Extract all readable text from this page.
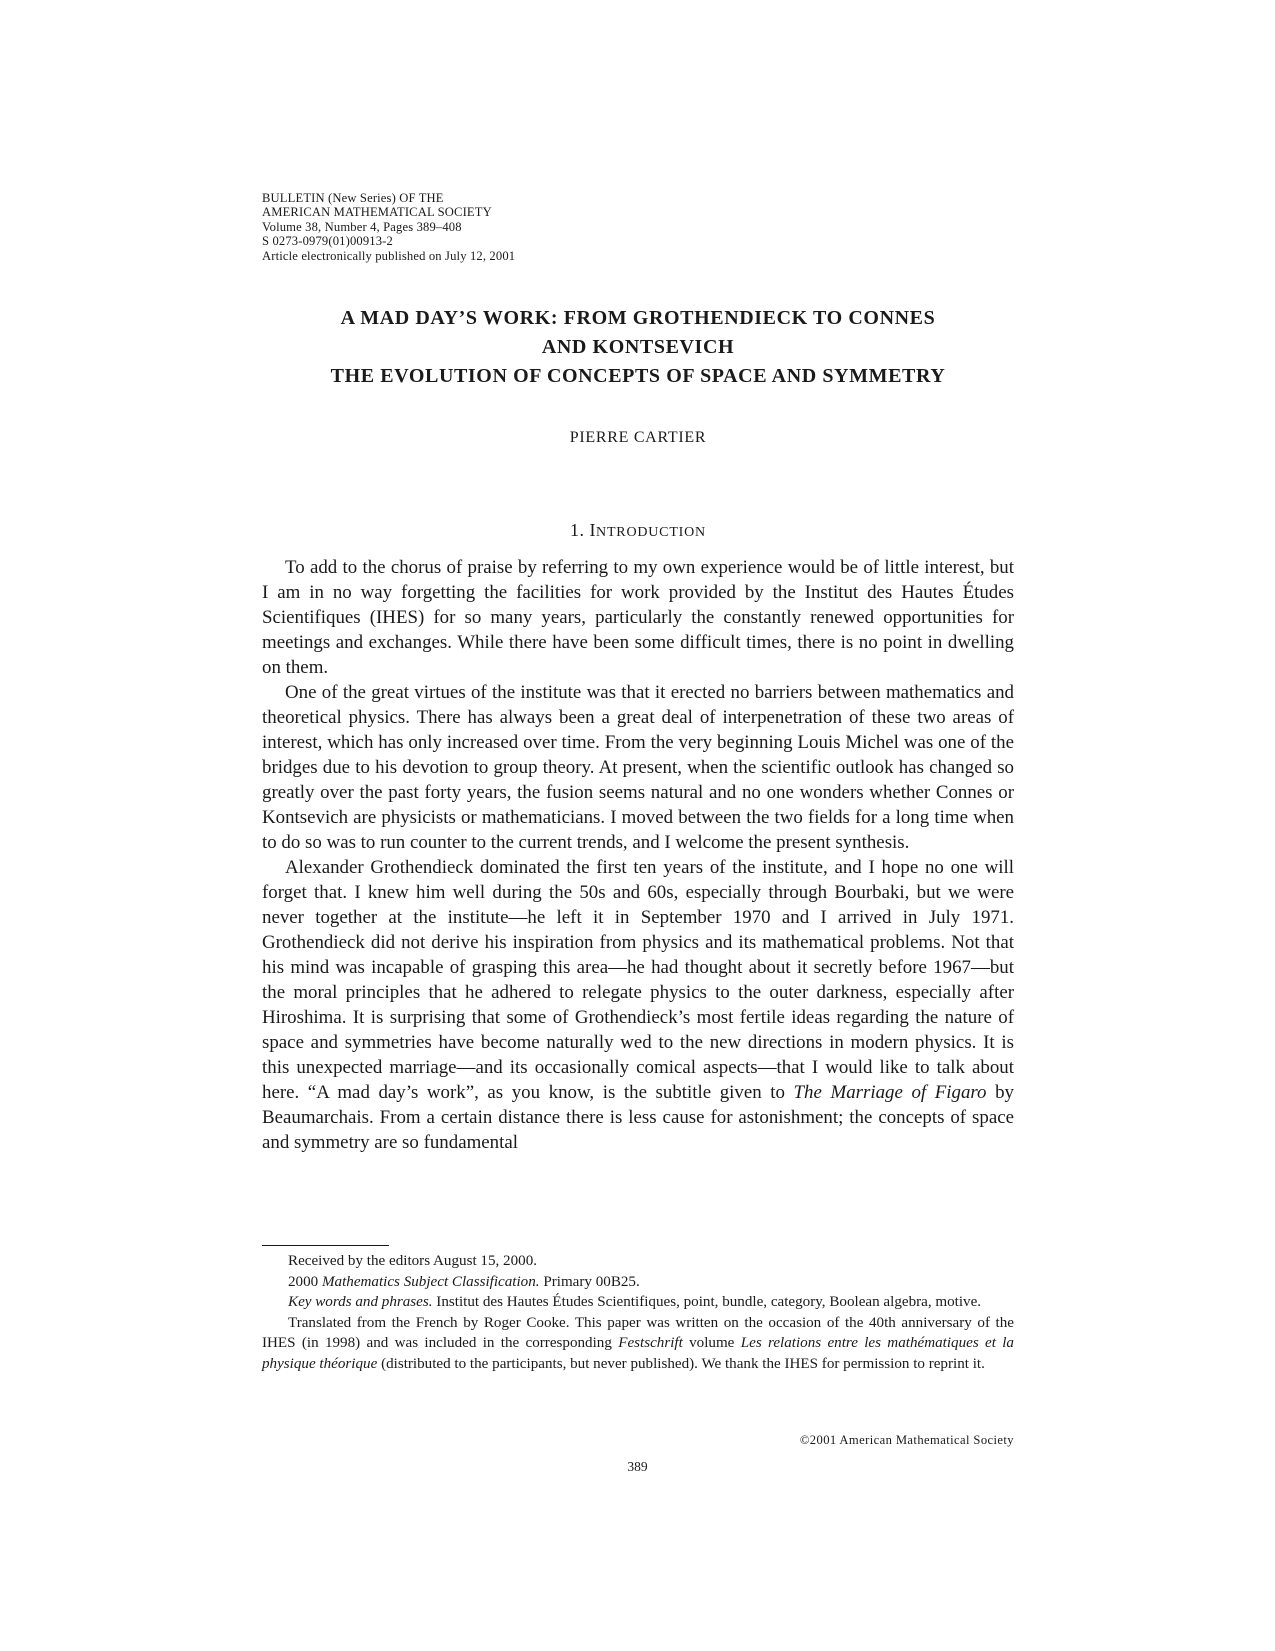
BULLETIN (New Series) OF THE
AMERICAN MATHEMATICAL SOCIETY
Volume 38, Number 4, Pages 389–408
S 0273-0979(01)00913-2
Article electronically published on July 12, 2001
A MAD DAY’S WORK: FROM GROTHENDIECK TO CONNES
AND KONTSEVICH
THE EVOLUTION OF CONCEPTS OF SPACE AND SYMMETRY
PIERRE CARTIER
1. INTRODUCTION

To add to the chorus of praise by referring to my own experience would be of little interest, but I am in no way forgetting the facilities for work provided by the Institut des Hautes Études Scientifiques (IHES) for so many years, particularly the constantly renewed opportunities for meetings and exchanges. While there have been some difficult times, there is no point in dwelling on them.

One of the great virtues of the institute was that it erected no barriers between mathematics and theoretical physics. There has always been a great deal of interpenetration of these two areas of interest, which has only increased over time. From the very beginning Louis Michel was one of the bridges due to his devotion to group theory. At present, when the scientific outlook has changed so greatly over the past forty years, the fusion seems natural and no one wonders whether Connes or Kontsevich are physicists or mathematicians. I moved between the two fields for a long time when to do so was to run counter to the current trends, and I welcome the present synthesis.

Alexander Grothendieck dominated the first ten years of the institute, and I hope no one will forget that. I knew him well during the 50s and 60s, especially through Bourbaki, but we were never together at the institute—he left it in September 1970 and I arrived in July 1971. Grothendieck did not derive his inspiration from physics and its mathematical problems. Not that his mind was incapable of grasping this area—he had thought about it secretly before 1967—but the moral principles that he adhered to relegate physics to the outer darkness, especially after Hiroshima. It is surprising that some of Grothendieck’s most fertile ideas regarding the nature of space and symmetries have become naturally wed to the new directions in modern physics. It is this unexpected marriage—and its occasionally comical aspects—that I would like to talk about here. “A mad day’s work”, as you know, is the subtitle given to The Marriage of Figaro by Beaumarchais. From a certain distance there is less cause for astonishment; the concepts of space and symmetry are so fundamental

Received by the editors August 15, 2000.

2000 Mathematics Subject Classification. Primary 00B25.

Key words and phrases. Institut des Hautes Études Scientifiques, point, bundle, category, Boolean algebra, motive.

Translated from the French by Roger Cooke. This paper was written on the occasion of the 40th anniversary of the IHES (in 1998) and was included in the corresponding Festschrift volume Les relations entre les mathématiques et la physique théorique (distributed to the participants, but never published). We thank the IHES for permission to reprint it.

©2001 American Mathematical Society
389
